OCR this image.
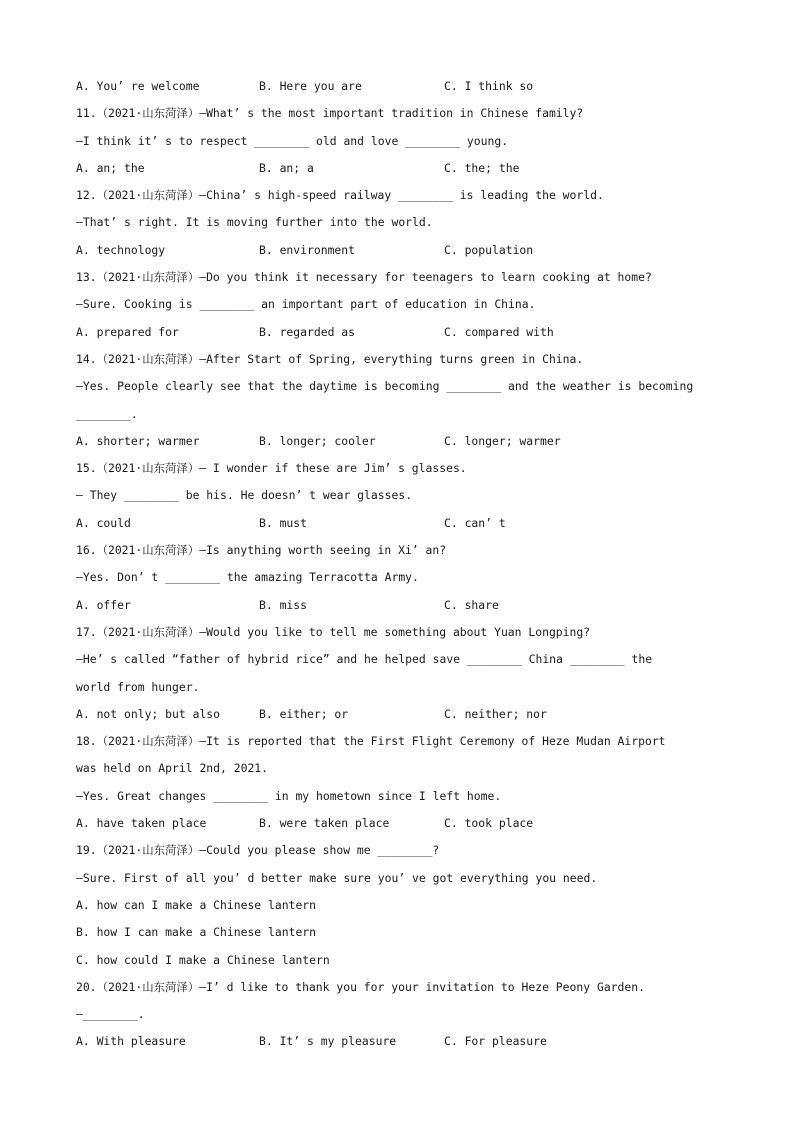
A. You’ re welcome

	B. Here you are

	C. I think so

11.（2021·山东菏泽）—What’ s the most important tradition in Chinese family?
—I think it’ s to respect ________ old and love ________ young.

A. an; the

	B. an; a

	C. the; the

12.（2021·山东菏泽）—China’ s high-speed railway ________ is leading the world.
—That’ s right. It is moving further into the world.

A. technology

	B. environment

	C. population

13.（2021·山东菏泽）—Do you think it necessary for teenagers to learn cooking at home?
—Sure. Cooking is ________ an important part of education in China.

A. prepared for

	B. regarded as

	C. compared with

14.（2021·山东菏泽）—After Start of Spring, everything turns green in China.
—Yes. People clearly see that the daytime is becoming ________ and the weather is becoming
________.

A. shorter; warmer

	B. longer; cooler

	C. longer; warmer

15.（2021·山东菏泽）— I wonder if these are Jim’ s glasses.
— They ________ be his. He doesn’ t wear glasses.

A. could

	B. must

	C. can’ t

16.（2021·山东菏泽）—Is anything worth seeing in Xi’ an?
—Yes. Don’ t ________ the amazing Terracotta Army.

A. offer

	B. miss

	C. share

17.（2021·山东菏泽）—Would you like to tell me something about Yuan Longping?
—He’ s called “father of hybrid rice” and he helped save ________ China ________ the
world from hunger.

A. not only; but also

	B. either; or

	C. neither; nor

18.（2021·山东菏泽）—It is reported that the First Flight Ceremony of Heze Mudan Airport
was held on April 2nd, 2021.
—Yes. Great changes ________ in my hometown since I left home.

A. have taken place

	B. were taken place

	C. took place

19.（2021·山东菏泽）—Could you please show me ________?
—Sure. First of all you’ d better make sure you’ ve got everything you need.
A. how can I make a Chinese lantern
B. how I can make a Chinese lantern
C. how could I make a Chinese lantern
20.（2021·山东菏泽）—I’ d like to thank you for your invitation to Heze Peony Garden.
—________.

A. With pleasure

	B. It’ s my pleasure

	C. For pleasure
